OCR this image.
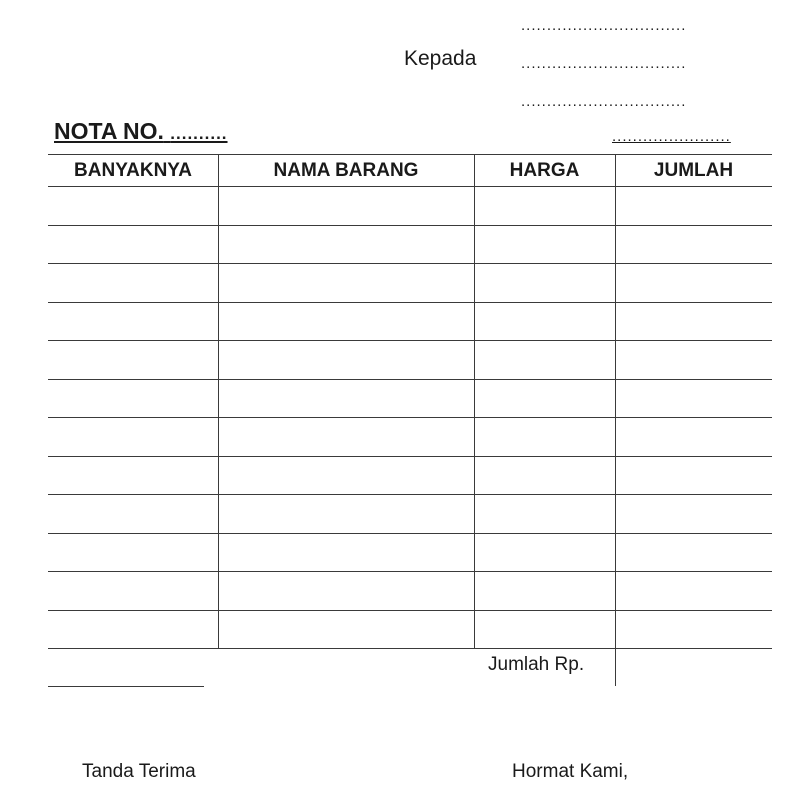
................................
Kepada	................................
................................
NOTA NO. ..........	.......................
BANYAKNYA	NAMA BARANG	HARGA	JUMLAH
Jumlah Rp.
Tanda Terima	Hormat Kami,
